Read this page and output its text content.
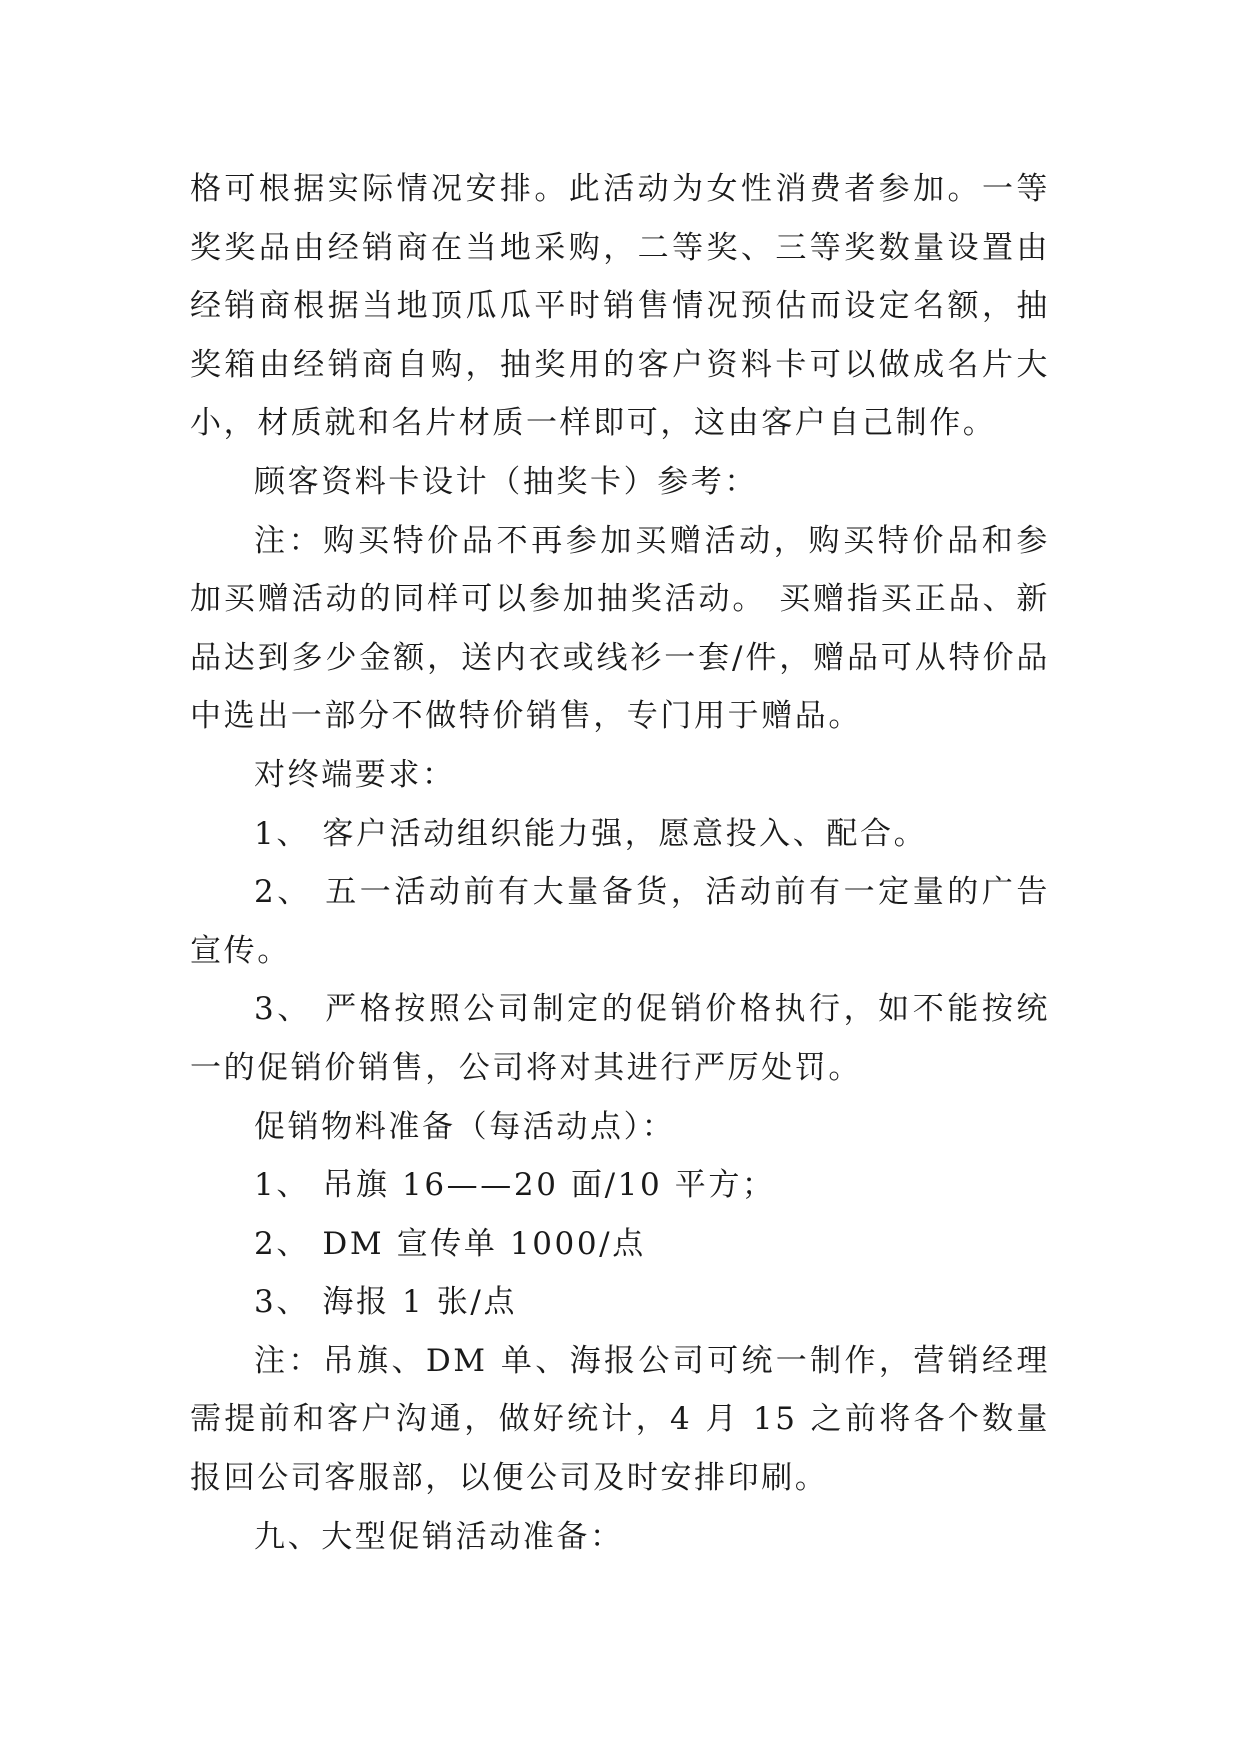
格可根据实际情况安排。此活动为女性消费者参加。一等奖奖品由经销商在当地采购，二等奖、三等奖数量设置由经销商根据当地顶瓜瓜平时销售情况预估而设定名额，抽奖箱由经销商自购，抽奖用的客户资料卡可以做成名片大小，材质就和名片材质一样即可，这由客户自己制作。

顾客资料卡设计（抽奖卡）参考：

注：购买特价品不再参加买赠活动，购买特价品和参加买赠活动的同样可以参加抽奖活动。 买赠指买正品、新品达到多少金额，送内衣或线衫一套/件，赠品可从特价品中选出一部分不做特价销售，专门用于赠品。

对终端要求：

1、 客户活动组织能力强，愿意投入、配合。

2、 五一活动前有大量备货，活动前有一定量的广告宣传。

3、 严格按照公司制定的促销价格执行，如不能按统一的促销价销售，公司将对其进行严厉处罚。

促销物料准备（每活动点）：

1、 吊旗 16——20 面/10 平方；

2、 DM 宣传单 1000/点

3、 海报 1 张/点

注：吊旗、DM 单、海报公司可统一制作，营销经理需提前和客户沟通，做好统计，4 月 15 之前将各个数量报回公司客服部，以便公司及时安排印刷。

九、大型促销活动准备：
